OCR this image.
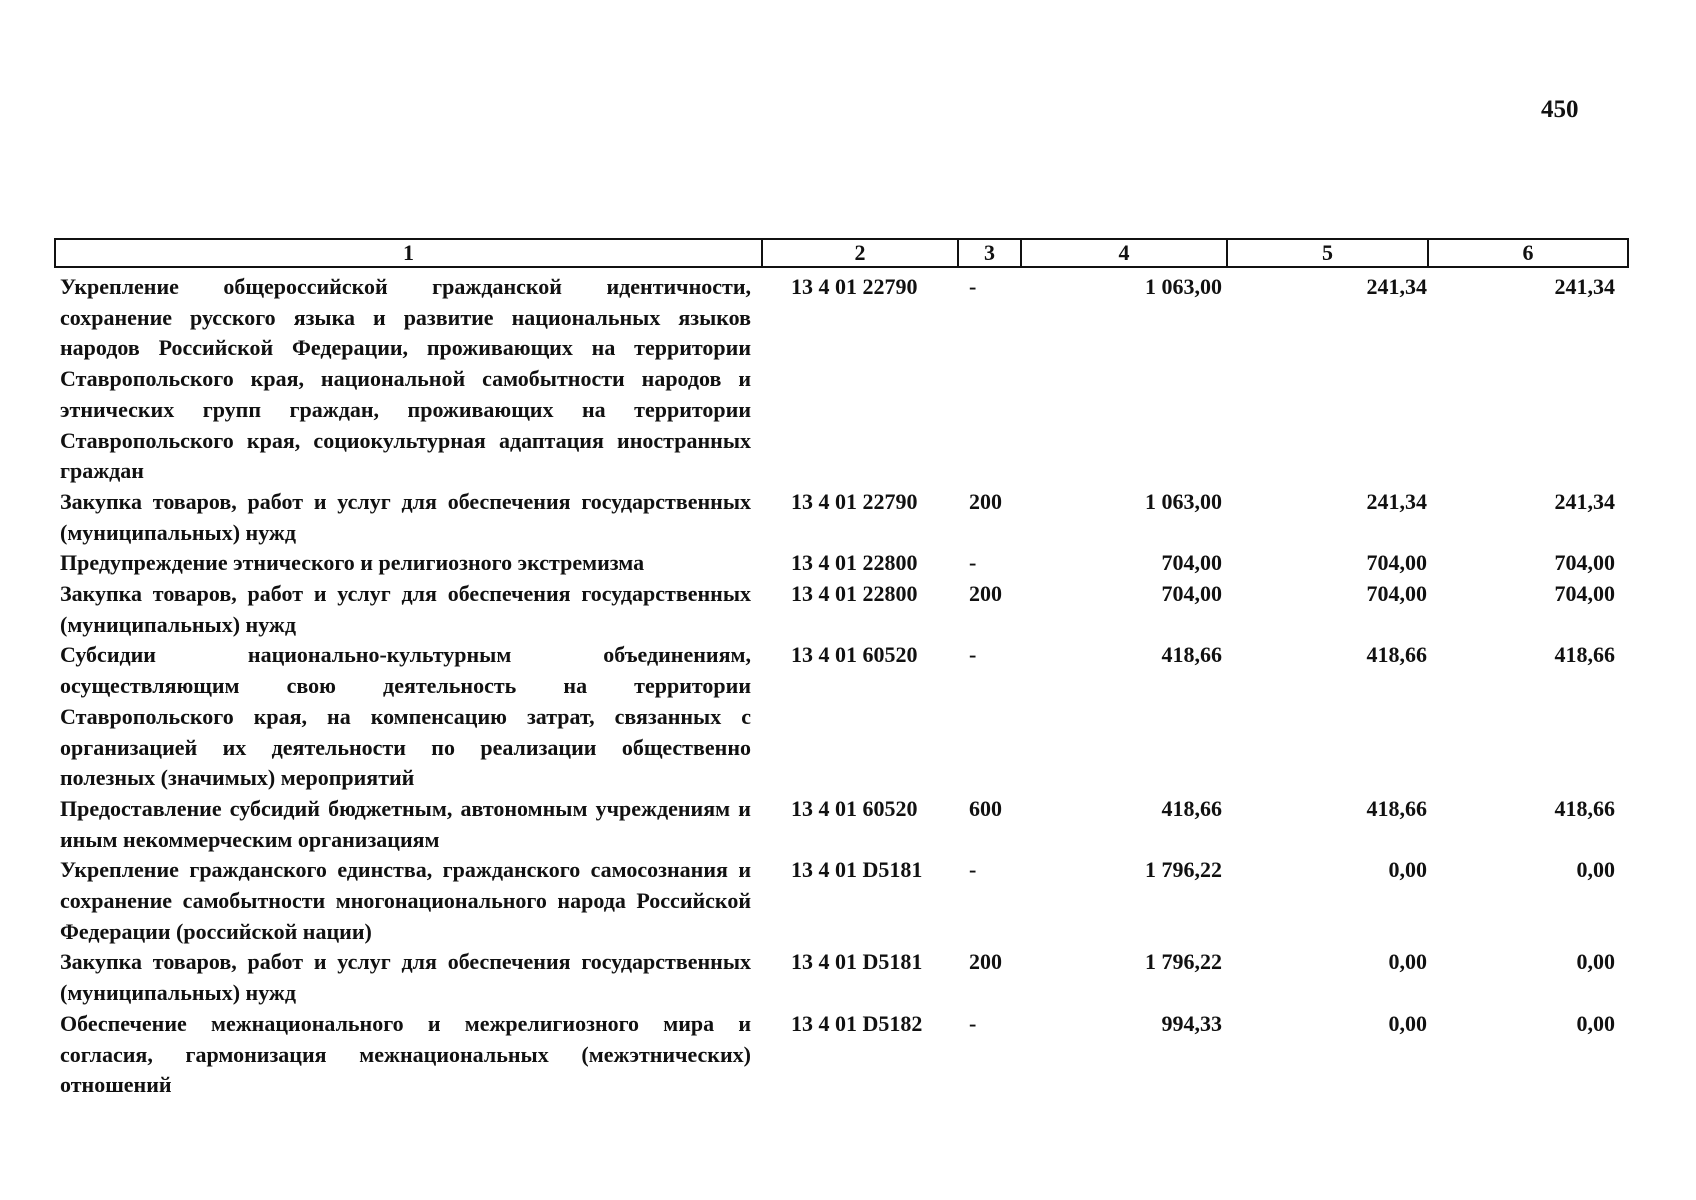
450
1	2	3	4	5	6
Укрепление общероссийской гражданской идентичности, сохранение русского языка и развитие национальных языков народов Российской Федерации, проживающих на территории Ставропольского края, национальной самобытности народов и этнических групп граждан, проживающих на территории Ставропольского края, социокультурная адаптация иностранных граждан	13 4 01 22790	-	1 063,00	241,34	241,34
Закупка товаров, работ и услуг для обеспечения государственных (муниципальных) нужд	13 4 01 22790	200	1 063,00	241,34	241,34
Предупреждение этнического и религиозного экстремизма	13 4 01 22800	-	704,00	704,00	704,00
Закупка товаров, работ и услуг для обеспечения государственных (муниципальных) нужд	13 4 01 22800	200	704,00	704,00	704,00
Субсидии национально-культурным объединениям, осуществляющим свою деятельность на территории Ставропольского края, на компенсацию затрат, связанных с организацией их деятельности по реализации общественно полезных (значимых) мероприятий	13 4 01 60520	-	418,66	418,66	418,66
Предоставление субсидий бюджетным, автономным учреждениям и иным некоммерческим организациям	13 4 01 60520	600	418,66	418,66	418,66
Укрепление гражданского единства, гражданского самосознания и сохранение самобытности многонационального народа Российской Федерации (российской нации)	13 4 01 D5181	-	1 796,22	0,00	0,00
Закупка товаров, работ и услуг для обеспечения государственных (муниципальных) нужд	13 4 01 D5181	200	1 796,22	0,00	0,00
Обеспечение межнационального и межрелигиозного мира и согласия, гармонизация межнациональных (межэтнических) отношений	13 4 01 D5182	-	994,33	0,00	0,00
